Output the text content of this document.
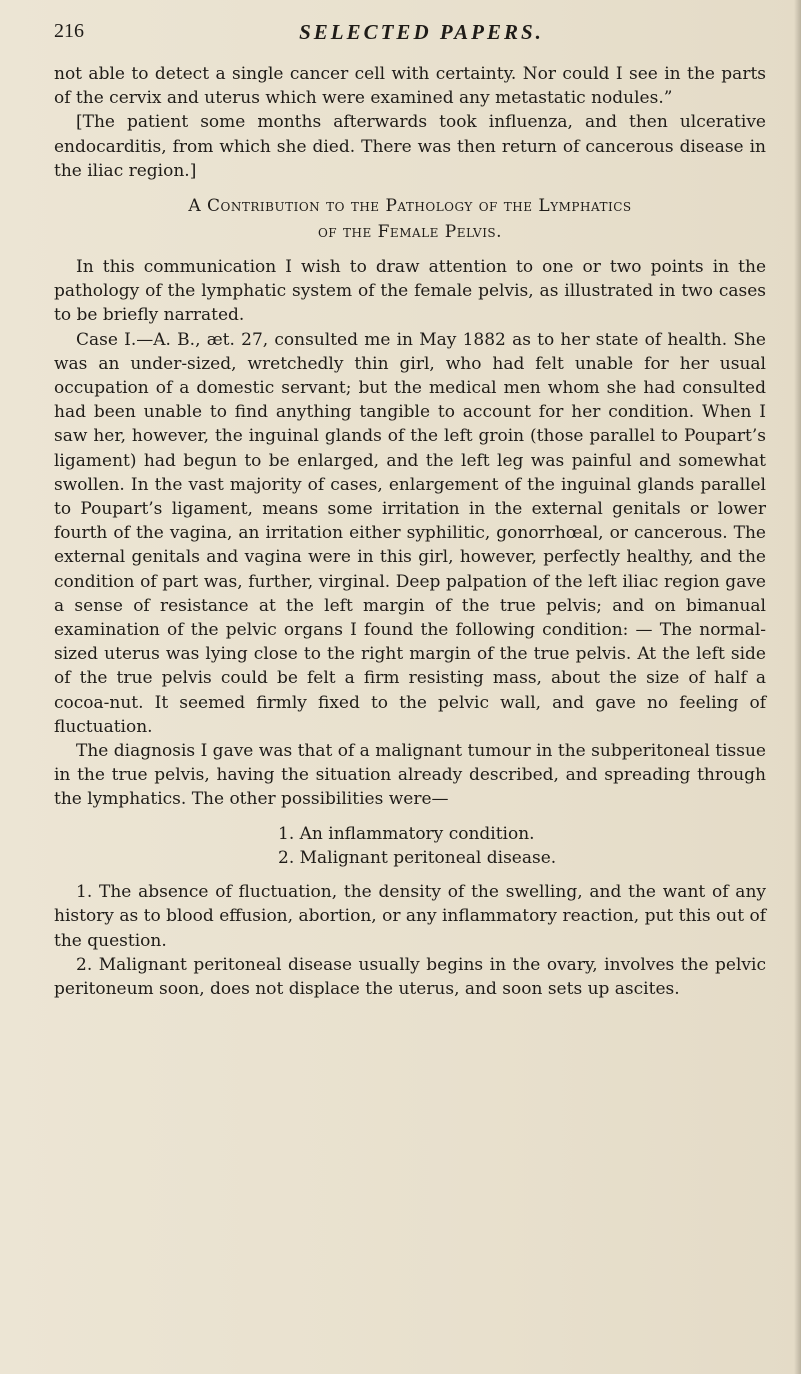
216	SELECTED PAPERS.

not able to detect a single cancer cell with certainty. Nor could I see in the parts of the cervix and uterus which were examined any metastatic nodules.”

[The patient some months afterwards took influenza, and then ulcerative endocarditis, from which she died. There was then return of cancerous disease in the iliac region.]

A Contribution to the Pathology of the Lymphatics
of the Female Pelvis.

In this communication I wish to draw attention to one or two points in the pathology of the lymphatic system of the female pelvis, as illustrated in two cases to be briefly narrated.

Case I.—A. B., æt. 27, consulted me in May 1882 as to her state of health. She was an under-sized, wretchedly thin girl, who had felt unable for her usual occupation of a domestic servant; but the medical men whom she had consulted had been unable to find anything tangible to account for her condition. When I saw her, however, the inguinal glands of the left groin (those parallel to Poupart’s ligament) had begun to be enlarged, and the left leg was painful and somewhat swollen. In the vast majority of cases, enlargement of the inguinal glands parallel to Poupart’s ligament, means some irritation in the external genitals or lower fourth of the vagina, an irritation either syphilitic, gonorrhœal, or cancerous. The external genitals and vagina were in this girl, however, perfectly healthy, and the condition of part was, further, virginal. Deep palpation of the left iliac region gave a sense of resistance at the left margin of the true pelvis; and on bimanual examination of the pelvic organs I found the following condition: — The normal-sized uterus was lying close to the right margin of the true pelvis. At the left side of the true pelvis could be felt a firm resisting mass, about the size of half a cocoa-nut. It seemed firmly fixed to the pelvic wall, and gave no feeling of fluctuation.

The diagnosis I gave was that of a malignant tumour in the subperitoneal tissue in the true pelvis, having the situation already described, and spreading through the lymphatics. The other possibilities were—

1. An inflammatory condition.

2. Malignant peritoneal disease.

1. The absence of fluctuation, the density of the swelling, and the want of any history as to blood effusion, abortion, or any inflammatory reaction, put this out of the question.

2. Malignant peritoneal disease usually begins in the ovary, involves the pelvic peritoneum soon, does not displace the uterus, and soon sets up ascites.
